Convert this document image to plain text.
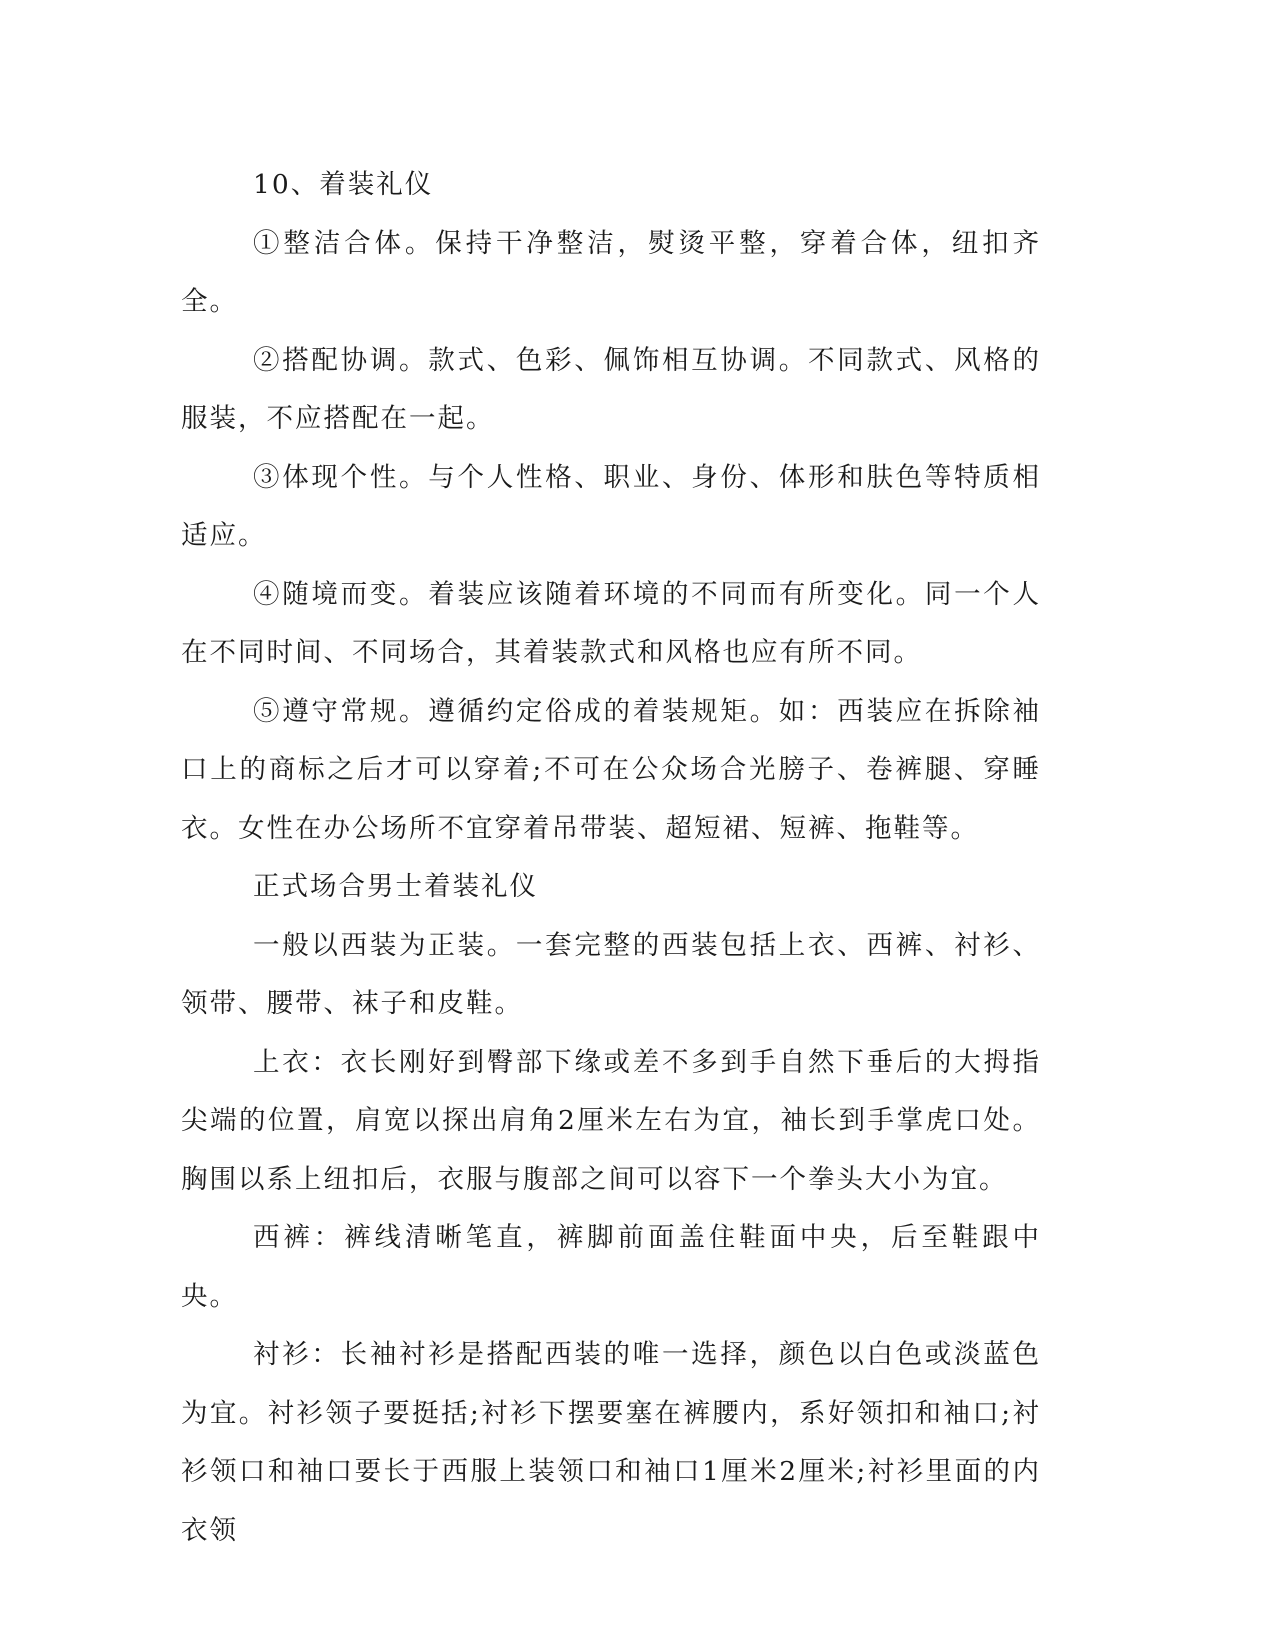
10、着装礼仪

①整洁合体。保持干净整洁，熨烫平整，穿着合体，纽扣齐全。

②搭配协调。款式、色彩、佩饰相互协调。不同款式、风格的服装，不应搭配在一起。

③体现个性。与个人性格、职业、身份、体形和肤色等特质相适应。

④随境而变。着装应该随着环境的不同而有所变化。同一个人在不同时间、不同场合，其着装款式和风格也应有所不同。

⑤遵守常规。遵循约定俗成的着装规矩。如：西装应在拆除袖口上的商标之后才可以穿着;不可在公众场合光膀子、卷裤腿、穿睡衣。女性在办公场所不宜穿着吊带装、超短裙、短裤、拖鞋等。

正式场合男士着装礼仪

一般以西装为正装。一套完整的西装包括上衣、西裤、衬衫、领带、腰带、袜子和皮鞋。

上衣：衣长刚好到臀部下缘或差不多到手自然下垂后的大拇指尖端的位置，肩宽以探出肩角2厘米左右为宜，袖长到手掌虎口处。胸围以系上纽扣后，衣服与腹部之间可以容下一个拳头大小为宜。

西裤：裤线清晰笔直，裤脚前面盖住鞋面中央，后至鞋跟中央。

衬衫：长袖衬衫是搭配西装的唯一选择，颜色以白色或淡蓝色为宜。衬衫领子要挺括;衬衫下摆要塞在裤腰内，系好领扣和袖口;衬衫领口和袖口要长于西服上装领口和袖口1厘米2厘米;衬衫里面的内衣领
